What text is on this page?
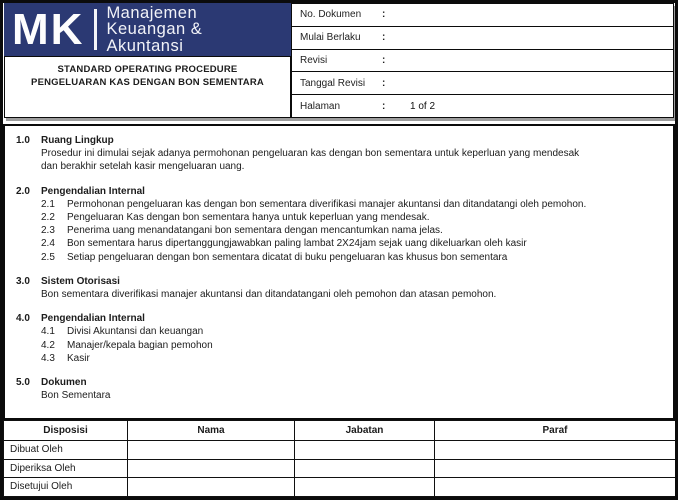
MK Manajemen
Keuangan &
Akuntansi
STANDARD OPERATING PROCEDURE
PENGELUARAN KAS DENGAN BON SEMENTARA
No. Dokumen	:
Mulai Berlaku	:
Revisi	:
Tanggal Revisi	:
Halaman	:	1 of 2
1.0	Ruang Lingkup
Prosedur ini dimulai sejak adanya permohonan pengeluaran kas dengan bon sementara untuk keperluan yang mendesak
dan berakhir setelah kasir mengeluaran uang.
2.0	Pengendalian Internal
2.1	Permohonan pengeluaran kas dengan bon sementara diverifikasi manajer akuntansi dan ditandatangi oleh pemohon.
2.2	Pengeluaran Kas dengan bon sementara hanya untuk keperluan yang mendesak.
2.3	Penerima uang menandatangani bon sementara dengan mencantumkan nama jelas.
2.4	Bon sementara harus dipertanggungjawabkan paling lambat 2X24jam sejak uang dikeluarkan oleh kasir
2.5	Setiap pengeluaran dengan bon sementara dicatat di buku pengeluaran kas khusus bon sementara
3.0	Sistem Otorisasi
Bon sementara diverifikasi manajer akuntansi dan ditandatangani oleh pemohon dan atasan pemohon.
4.0	Pengendalian Internal
4.1	Divisi Akuntansi dan keuangan
4.2	Manajer/kepala bagian pemohon
4.3	Kasir
5.0	Dokumen
Bon Sementara
Disposisi	Nama	Jabatan	Paraf
Dibuat Oleh			
Diperiksa Oleh			
Disetujui Oleh			
